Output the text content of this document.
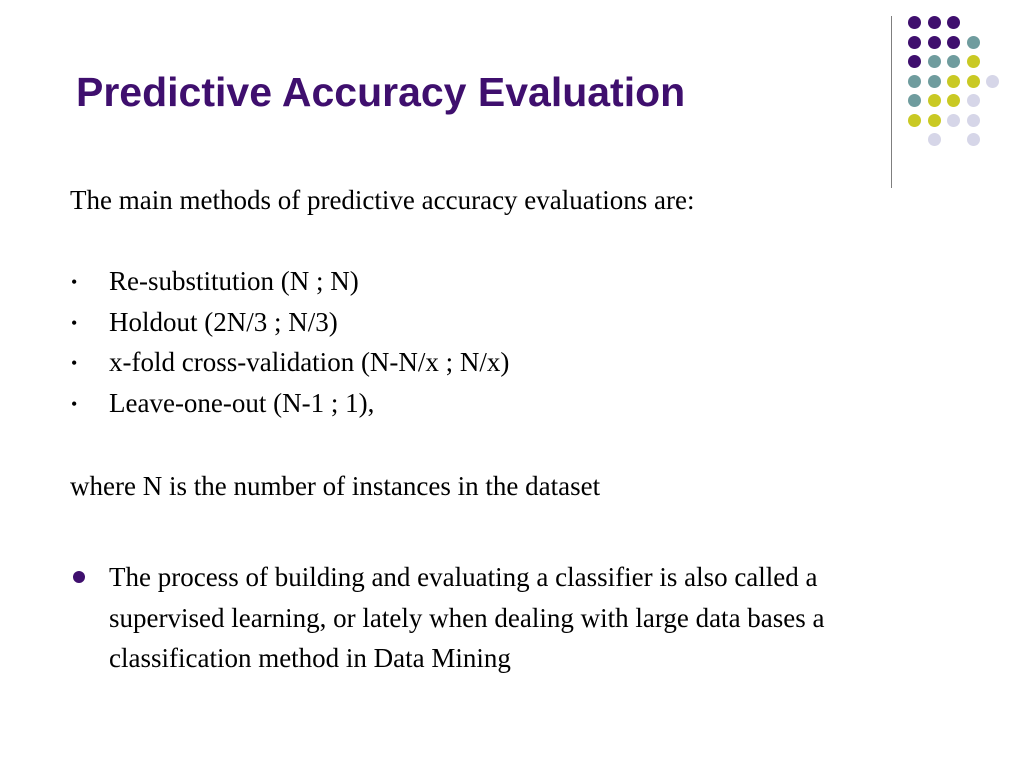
Predictive Accuracy Evaluation
The main methods of predictive accuracy evaluations are:
• Re-substitution (N ; N)
• Holdout (2N/3 ; N/3)
• x-fold cross-validation (N-N/x ; N/x)
• Leave-one-out (N-1 ; 1),
where N is the number of instances in the dataset
The process of building and evaluating a classifier is also called a supervised learning, or lately when dealing with large data bases a classification method in Data Mining
